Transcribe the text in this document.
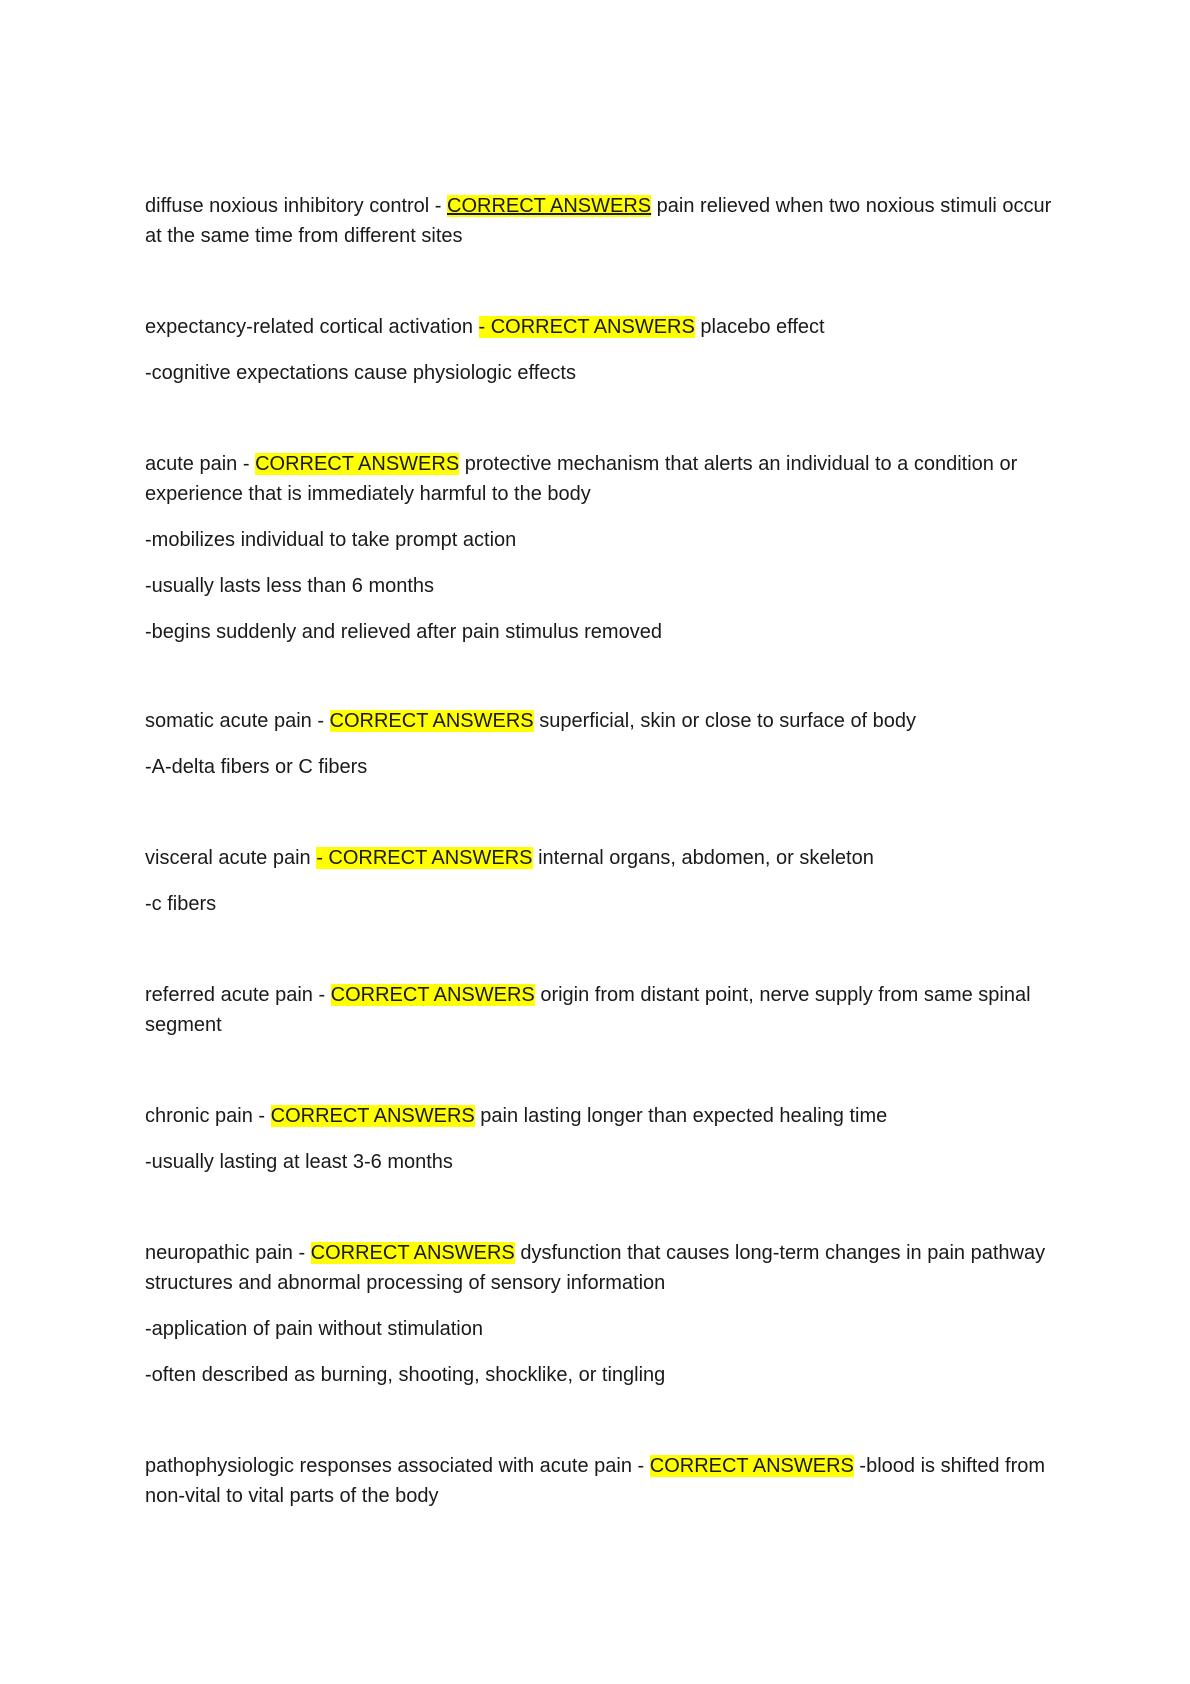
diffuse noxious inhibitory control - CORRECT ANSWERS pain relieved when two noxious stimuli occur at the same time from different sites

expectancy-related cortical activation - CORRECT ANSWERS placebo effect

-cognitive expectations cause physiologic effects

acute pain - CORRECT ANSWERS protective mechanism that alerts an individual to a condition or experience that is immediately harmful to the body

-mobilizes individual to take prompt action

-usually lasts less than 6 months

-begins suddenly and relieved after pain stimulus removed

somatic acute pain - CORRECT ANSWERS superficial, skin or close to surface of body

-A-delta fibers or C fibers

visceral acute pain - CORRECT ANSWERS internal organs, abdomen, or skeleton

-c fibers

referred acute pain - CORRECT ANSWERS origin from distant point, nerve supply from same spinal segment

chronic pain - CORRECT ANSWERS pain lasting longer than expected healing time

-usually lasting at least 3-6 months

neuropathic pain - CORRECT ANSWERS dysfunction that causes long-term changes in pain pathway structures and abnormal processing of sensory information

-application of pain without stimulation

-often described as burning, shooting, shocklike, or tingling

pathophysiologic responses associated with acute pain - CORRECT ANSWERS -blood is shifted from non-vital to vital parts of the body
